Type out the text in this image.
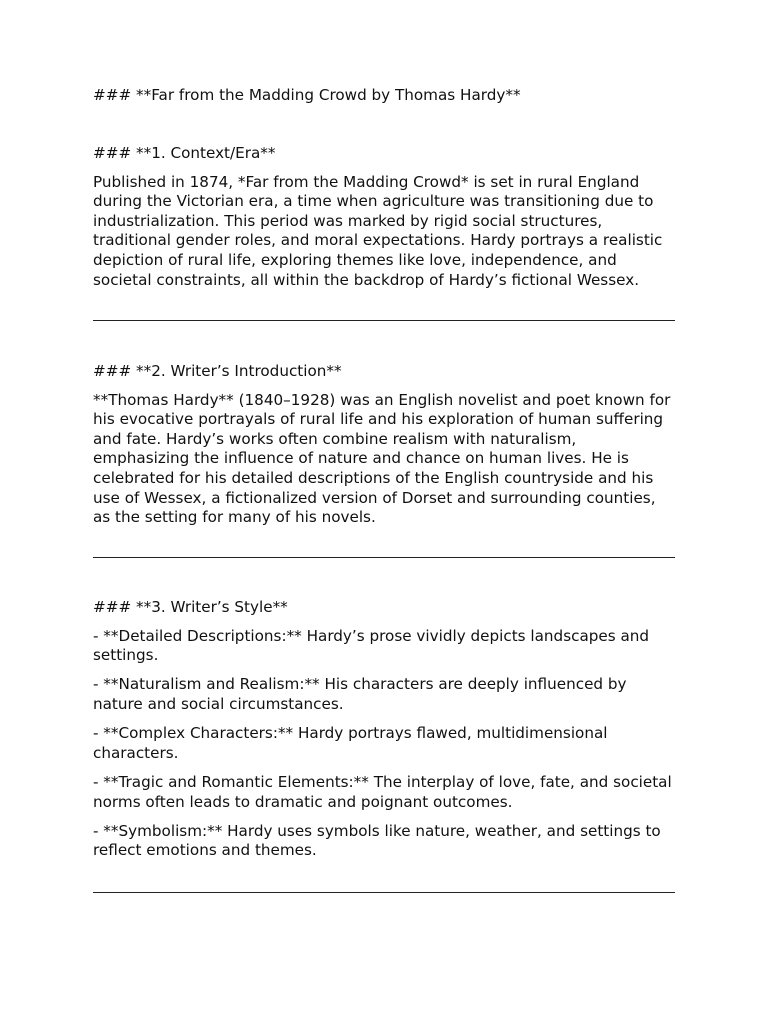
### **Far from the Madding Crowd by Thomas Hardy**

### **1. Context/Era**

Published in 1874, *Far from the Madding Crowd* is set in rural England during the Victorian era, a time when agriculture was transitioning due to industrialization. This period was marked by rigid social structures, traditional gender roles, and moral expectations. Hardy portrays a realistic depiction of rural life, exploring themes like love, independence, and societal constraints, all within the backdrop of Hardy’s fictional Wessex.

### **2. Writer’s Introduction**

**Thomas Hardy** (1840–1928) was an English novelist and poet known for his evocative portrayals of rural life and his exploration of human suffering and fate. Hardy’s works often combine realism with naturalism, emphasizing the influence of nature and chance on human lives. He is celebrated for his detailed descriptions of the English countryside and his use of Wessex, a fictionalized version of Dorset and surrounding counties, as the setting for many of his novels.

### **3. Writer’s Style**

- **Detailed Descriptions:** Hardy’s prose vividly depicts landscapes and settings.

- **Naturalism and Realism:** His characters are deeply influenced by nature and social circumstances.

- **Complex Characters:** Hardy portrays flawed, multidimensional characters.

- **Tragic and Romantic Elements:** The interplay of love, fate, and societal norms often leads to dramatic and poignant outcomes.

- **Symbolism:** Hardy uses symbols like nature, weather, and settings to reflect emotions and themes.
